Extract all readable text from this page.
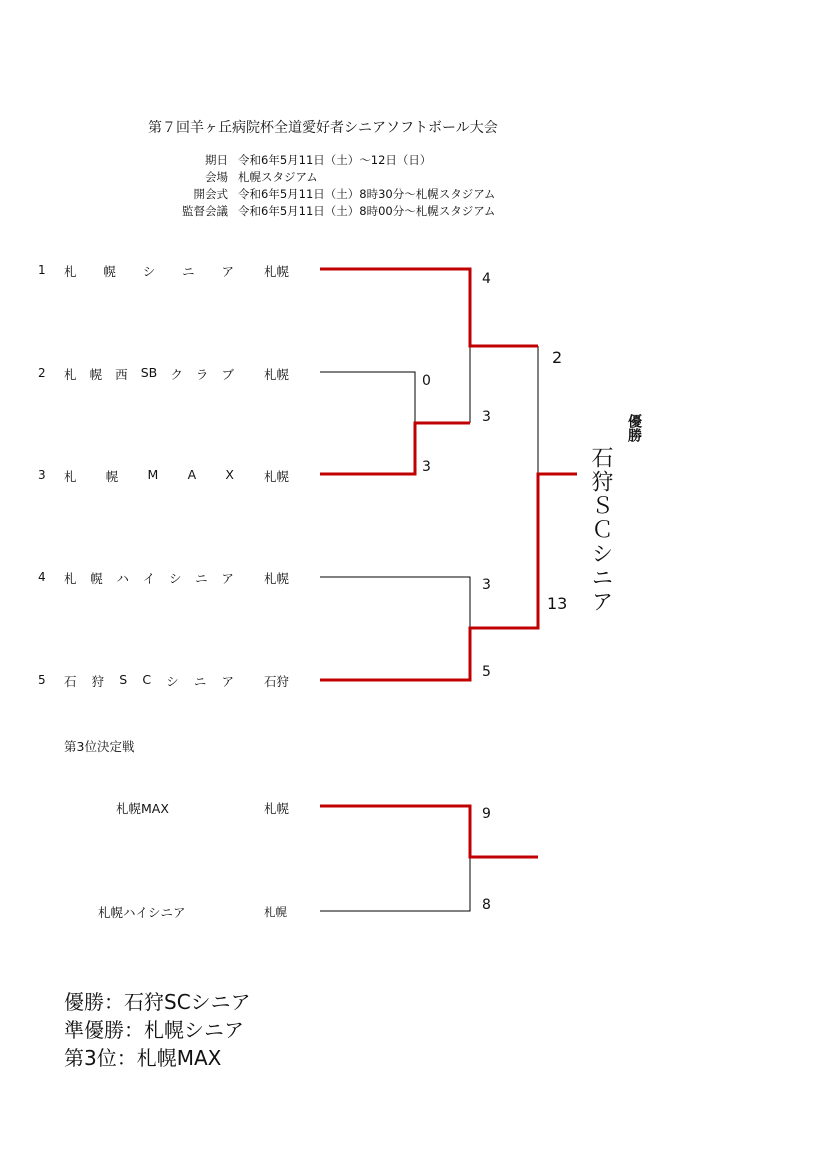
第７回羊ヶ丘病院杯全道愛好者シニアソフトボール大会
期日 令和6年5月11日（土）～12日（日）
会場 札幌スタジアム
開会式 令和6年5月11日（土）8時30分～札幌スタジアム
監督会議 令和6年5月11日（土）8時00分～札幌スタジアム
1 札 幌 シ ニ ア 札幌
2 札 幌 西 SB ク ラ ブ 札幌
3 札 幌 M A X 札幌
4 札 幌 ハ イ シ ニ ア 札幌
5 石 狩 S C シ ニ ア 石狩
0
3
4
3
3
5
2
13
優勝
石狩ＳＣシニア
第3位決定戦
札幌MAX	札幌	9
札幌ハイシニア	札幌	8
優勝：石狩SCシニア
準優勝：札幌シニア
第3位：札幌MAX
